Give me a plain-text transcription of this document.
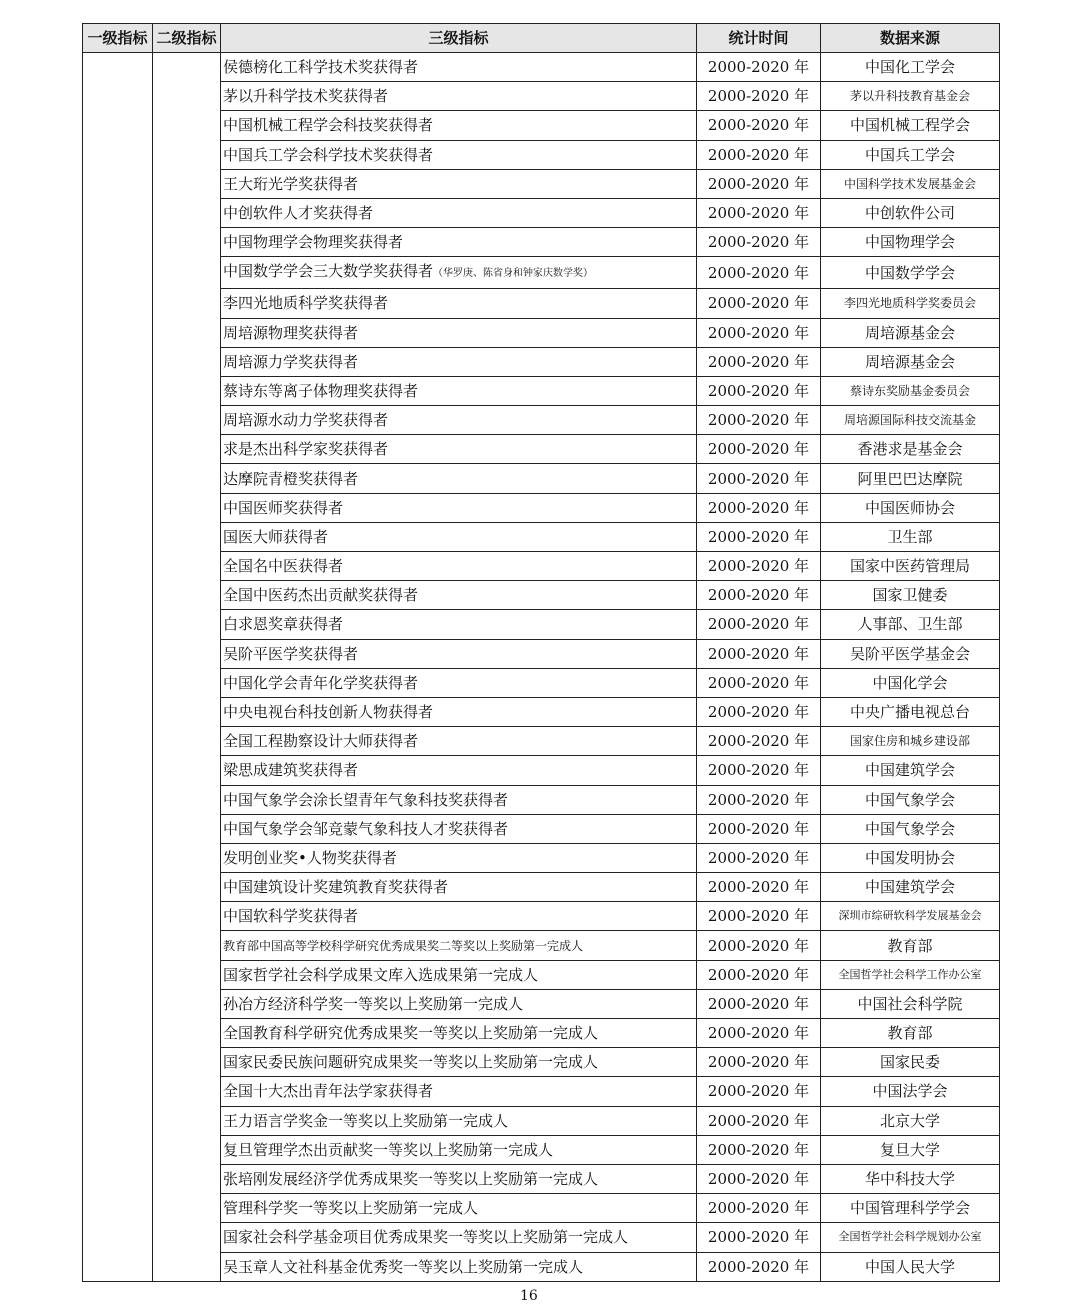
一级指标	二级指标	三级指标	统计时间	数据来源
		侯德榜化工科学技术奖获得者	2000-2020 年	中国化工学会
		茅以升科学技术奖获得者	2000-2020 年	茅以升科技教育基金会
		中国机械工程学会科技奖获得者	2000-2020 年	中国机械工程学会
		中国兵工学会科学技术奖获得者	2000-2020 年	中国兵工学会
		王大珩光学奖获得者	2000-2020 年	中国科学技术发展基金会
		中创软件人才奖获得者	2000-2020 年	中创软件公司
		中国物理学会物理奖获得者	2000-2020 年	中国物理学会
		中国数学学会三大数学奖获得者（华罗庚、陈省身和钟家庆数学奖）	2000-2020 年	中国数学学会
		李四光地质科学奖获得者	2000-2020 年	李四光地质科学奖委员会
		周培源物理奖获得者	2000-2020 年	周培源基金会
		周培源力学奖获得者	2000-2020 年	周培源基金会
		蔡诗东等离子体物理奖获得者	2000-2020 年	蔡诗东奖励基金委员会
		周培源水动力学奖获得者	2000-2020 年	周培源国际科技交流基金
		求是杰出科学家奖获得者	2000-2020 年	香港求是基金会
		达摩院青橙奖获得者	2000-2020 年	阿里巴巴达摩院
		中国医师奖获得者	2000-2020 年	中国医师协会
		国医大师获得者	2000-2020 年	卫生部
		全国名中医获得者	2000-2020 年	国家中医药管理局
		全国中医药杰出贡献奖获得者	2000-2020 年	国家卫健委
		白求恩奖章获得者	2000-2020 年	人事部、卫生部
		吴阶平医学奖获得者	2000-2020 年	吴阶平医学基金会
		中国化学会青年化学奖获得者	2000-2020 年	中国化学会
		中央电视台科技创新人物获得者	2000-2020 年	中央广播电视总台
		全国工程勘察设计大师获得者	2000-2020 年	国家住房和城乡建设部
		梁思成建筑奖获得者	2000-2020 年	中国建筑学会
		中国气象学会涂长望青年气象科技奖获得者	2000-2020 年	中国气象学会
		中国气象学会邹竞蒙气象科技人才奖获得者	2000-2020 年	中国气象学会
		发明创业奖•人物奖获得者	2000-2020 年	中国发明协会
		中国建筑设计奖建筑教育奖获得者	2000-2020 年	中国建筑学会
		中国软科学奖获得者	2000-2020 年	深圳市综研软科学发展基金会
		教育部中国高等学校科学研究优秀成果奖二等奖以上奖励第一完成人	2000-2020 年	教育部
		国家哲学社会科学成果文库入选成果第一完成人	2000-2020 年	全国哲学社会科学工作办公室
		孙冶方经济科学奖一等奖以上奖励第一完成人	2000-2020 年	中国社会科学院
		全国教育科学研究优秀成果奖一等奖以上奖励第一完成人	2000-2020 年	教育部
		国家民委民族问题研究成果奖一等奖以上奖励第一完成人	2000-2020 年	国家民委
		全国十大杰出青年法学家获得者	2000-2020 年	中国法学会
		王力语言学奖金一等奖以上奖励第一完成人	2000-2020 年	北京大学
		复旦管理学杰出贡献奖一等奖以上奖励第一完成人	2000-2020 年	复旦大学
		张培刚发展经济学优秀成果奖一等奖以上奖励第一完成人	2000-2020 年	华中科技大学
		管理科学奖一等奖以上奖励第一完成人	2000-2020 年	中国管理科学学会
		国家社会科学基金项目优秀成果奖一等奖以上奖励第一完成人	2000-2020 年	全国哲学社会科学规划办公室
		吴玉章人文社科基金优秀奖一等奖以上奖励第一完成人	2000-2020 年	中国人民大学
16
